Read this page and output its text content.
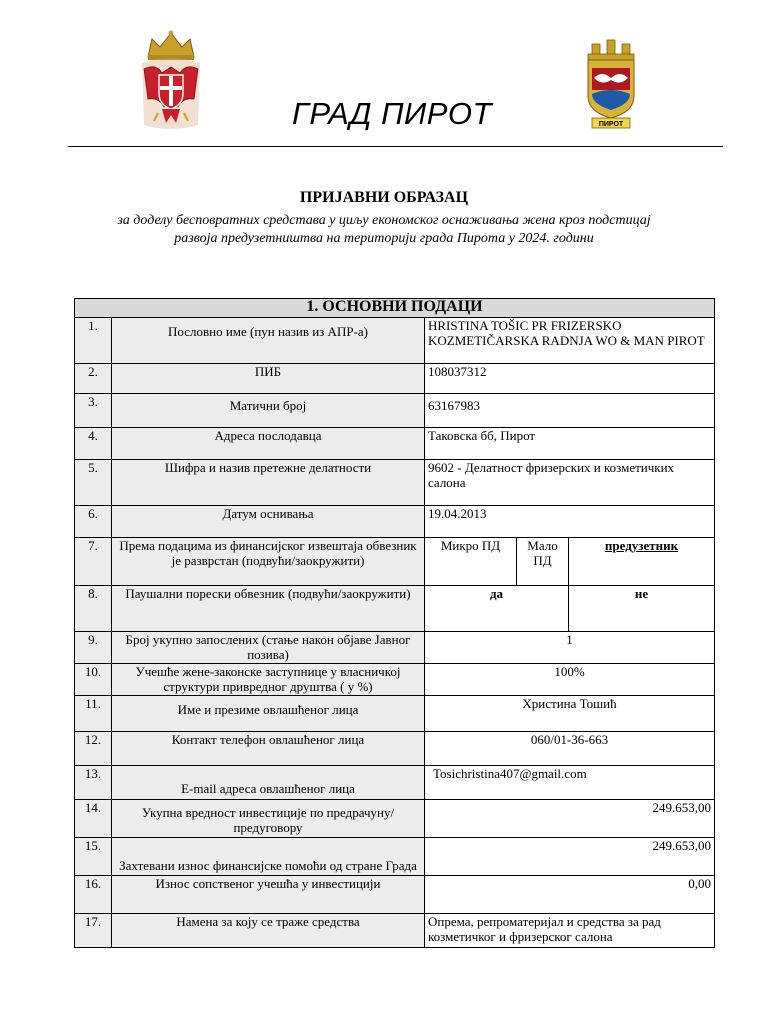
ПИРОТ
ГРАД ПИРОТ
ПРИЈАВНИ ОБРАЗАЦ
за доделу бесповратних средстава у циљу економског оснаживања жена кроз подстицај
развоја предузетништва на територији града Пирота у 2024. години
1. ОСНОВНИ ПОДАЦИ				
1.	Пословно име (пун назив из АПР-а)	HRISTINA TOŠIC PR FRIZERSKO KOZMETIČARSKA RADNJA WO & MAN PIROT		
2.	ПИБ	108037312		
3.	Матични број	63167983		
4.	Адреса послодавца	Таковска бб, Пирот		
5.	Шифра и назив претежне делатности	9602 - Делатност фризерских и козметичких салона		
6.	Датум оснивања	19.04.2013		
7.	Према подацима из финансијског извештаја обвезник је разврстан (подвући/заокружити)	Микро ПД	Мало ПД	предузетник
8.	Паушални порески обвезник (подвући/заокружити)	да		не
9.	Број укупно запослених (стање након објаве Јавног позива)	1		
10.	Учешће жене-законске заступнице у власничкој структури привредног друштва ( у %)	100%		
11.	Име и презиме овлашћеног лица	Христина Тошић		
12.	Контакт телефон овлашћеног лица	060/01-36-663		
13.	E-mail адреса овлашћеног лица	Tosichristina407@gmail.com		
14.	Укупна вредност инвестиције по предрачуну/предуговору	249.653,00		
15.	Захтевани износ финансијске помоћи од стране Града	249.653,00		
16.	Износ сопственог учешћа у инвестицији	0,00		
17.	Намена за коју се траже средства	Опрема, репроматеријал и средства за рад козметичког и фризерског салона		
